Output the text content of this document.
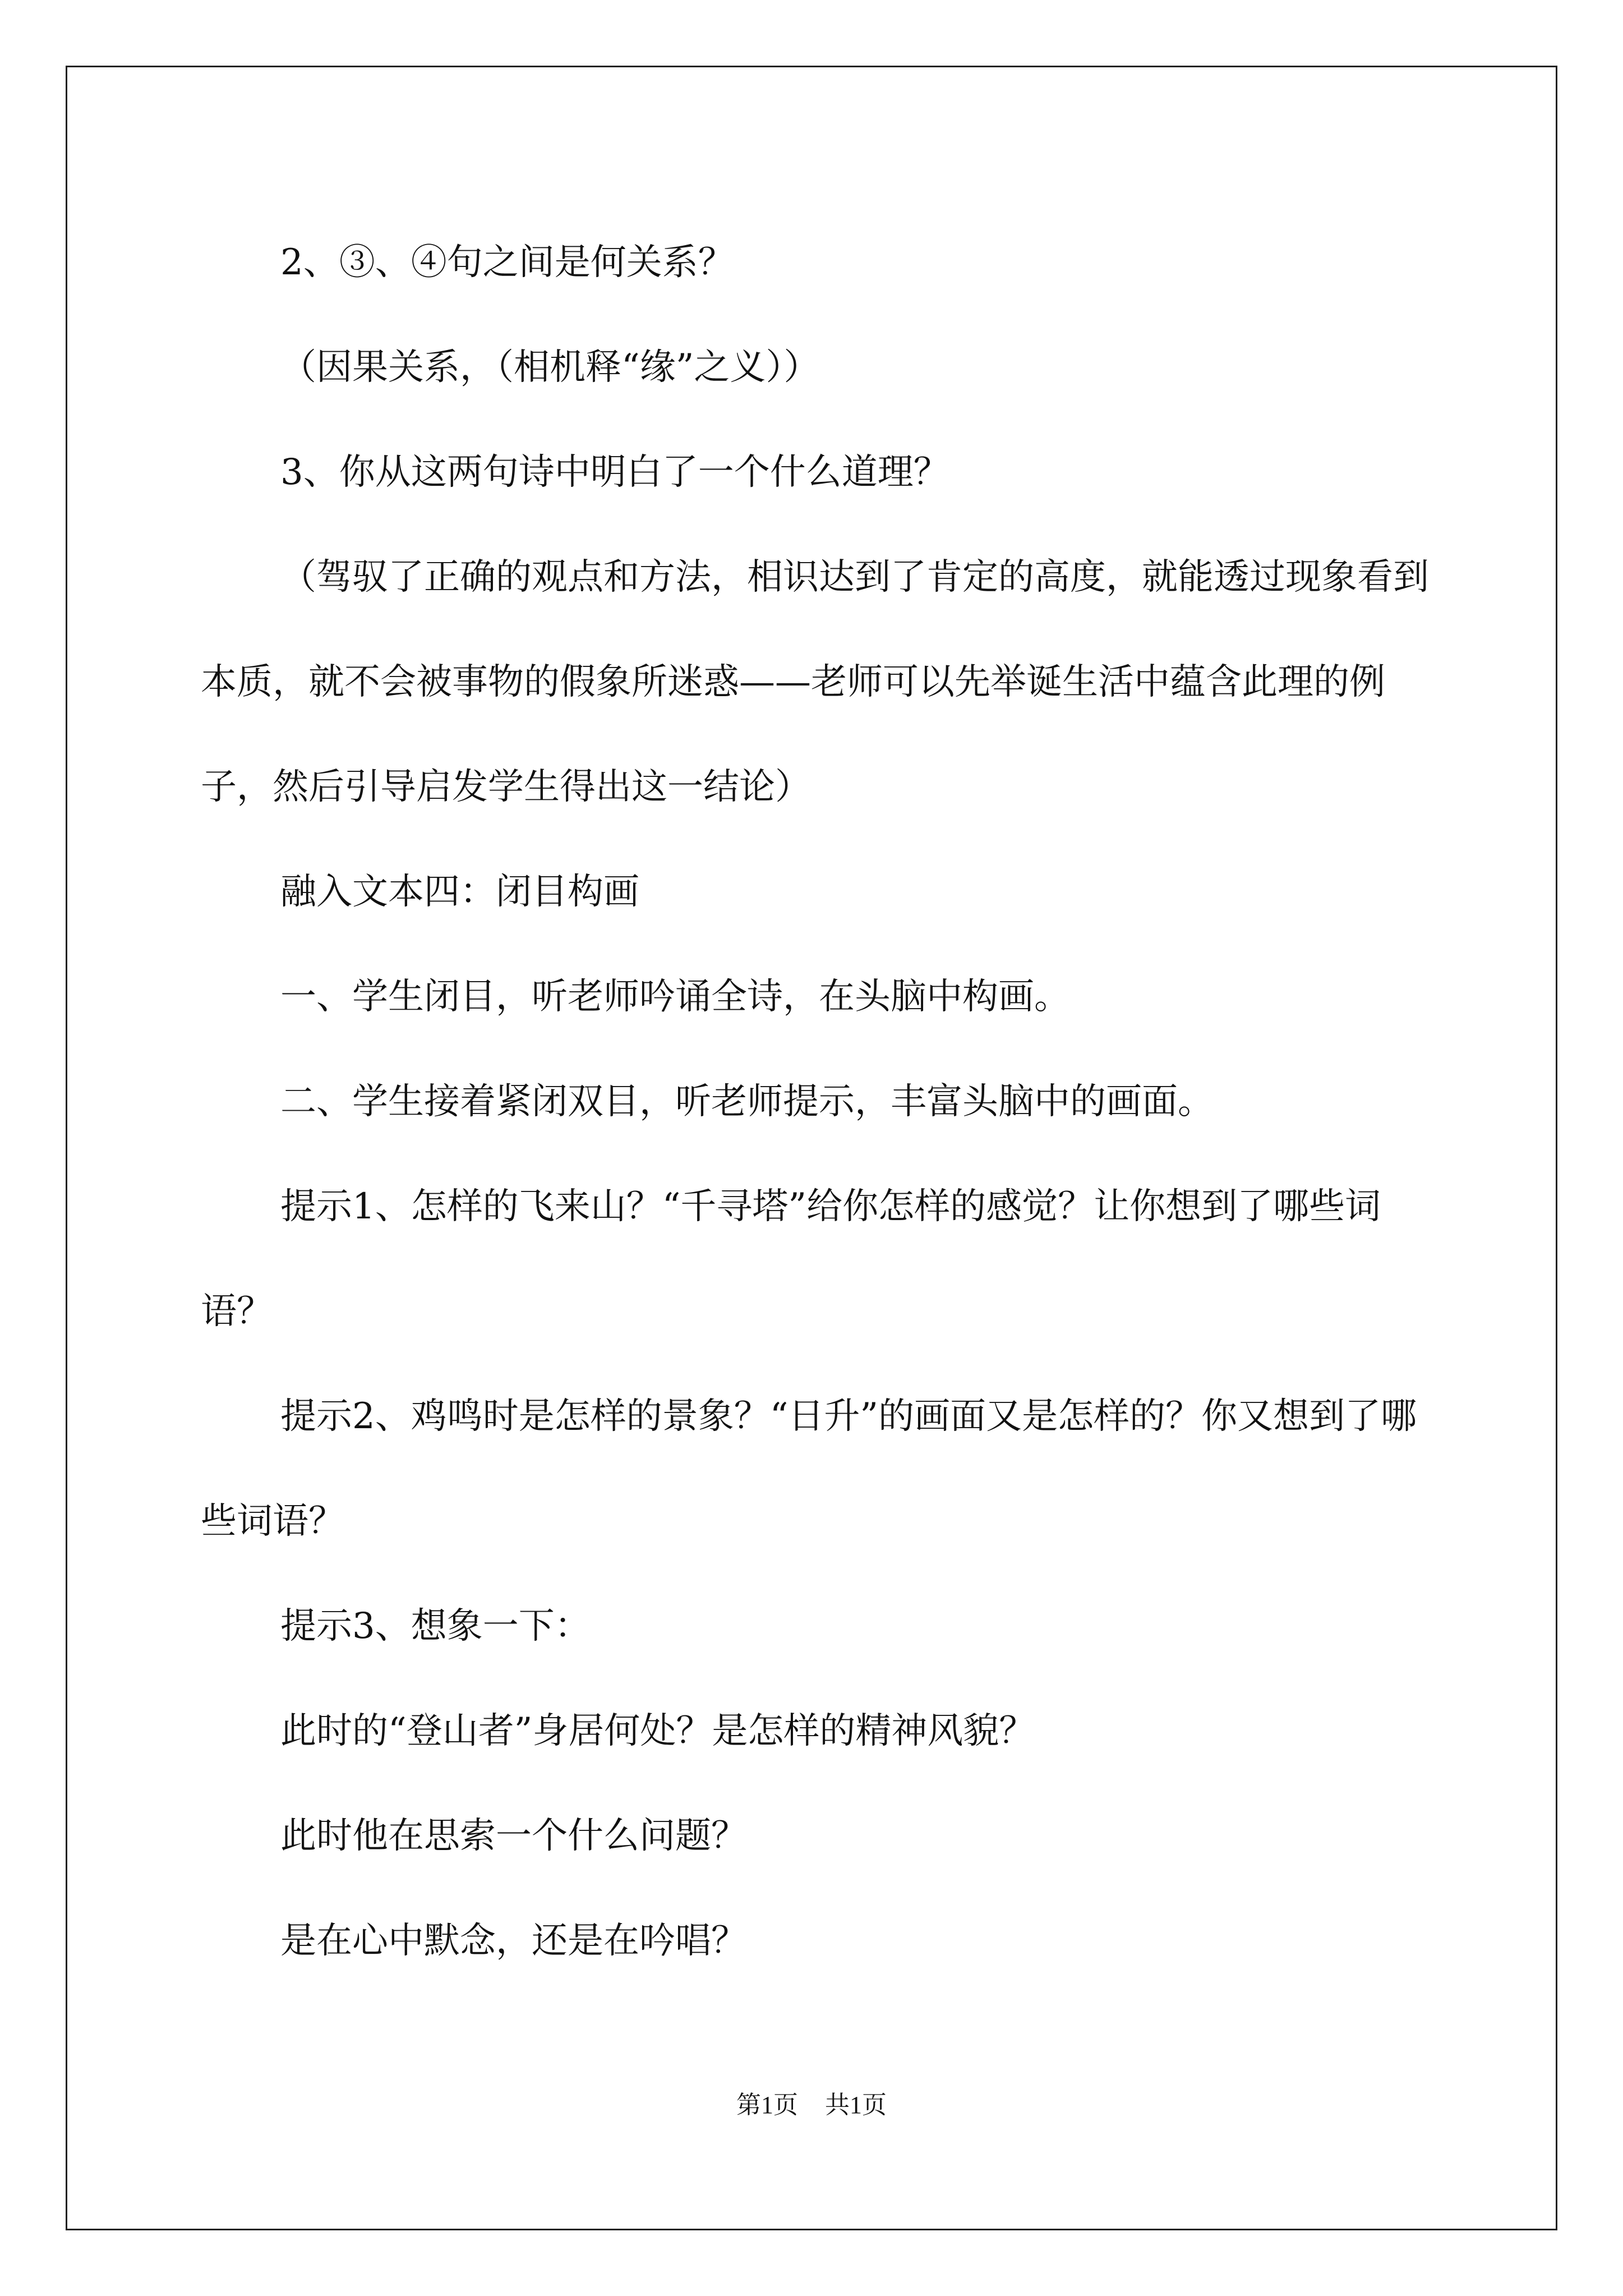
2、③、④句之间是何关系？

（因果关系，（相机释“缘”之义））

3、你从这两句诗中明白了一个什么道理？

（驾驭了正确的观点和方法，相识达到了肯定的高度，就能透过现象看到本质，就不会被事物的假象所迷惑——老师可以先举诞生活中蕴含此理的例子，然后引导启发学生得出这一结论）

融入文本四：闭目构画

一、学生闭目，听老师吟诵全诗，在头脑中构画。

二、学生接着紧闭双目，听老师提示，丰富头脑中的画面。

提示1、怎样的飞来山？“千寻塔”给你怎样的感觉？让你想到了哪些词语？

提示2、鸡鸣时是怎样的景象？“日升”的画面又是怎样的？你又想到了哪些词语？

提示3、想象一下：

此时的“登山者”身居何处？是怎样的精神风貌？

此时他在思索一个什么问题？

是在心中默念，还是在吟唱？

第1页 共1页
